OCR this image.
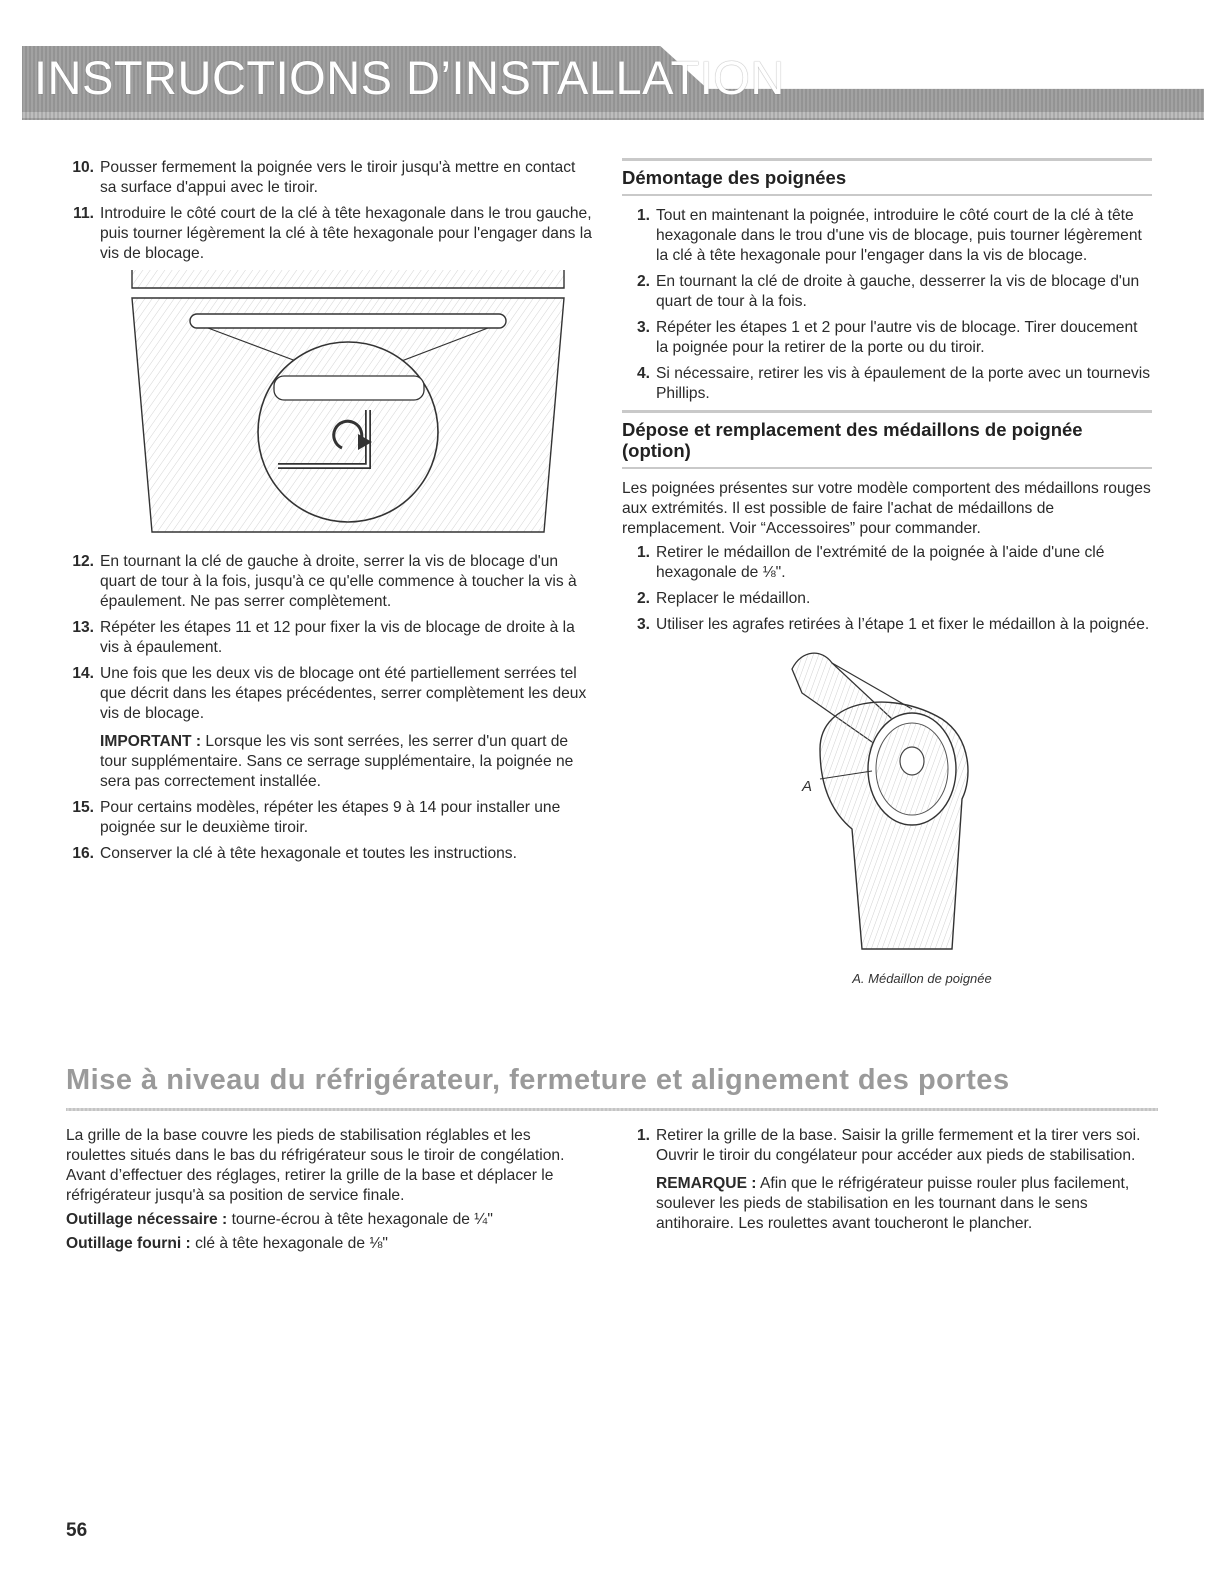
INSTRUCTIONS D’INSTALLATION
10. Pousser fermement la poignée vers le tiroir jusqu'à mettre en contact sa surface d'appui avec le tiroir.
11. Introduire le côté court de la clé à tête hexagonale dans le trou gauche, puis tourner légèrement la clé à tête hexagonale pour l'engager dans la vis de blocage.
12. En tournant la clé de gauche à droite, serrer la vis de blocage d'un quart de tour à la fois, jusqu'à ce qu'elle commence à toucher la vis à épaulement. Ne pas serrer complètement.
13. Répéter les étapes 11 et 12 pour fixer la vis de blocage de droite à la vis à épaulement.
14. Une fois que les deux vis de blocage ont été partiellement serrées tel que décrit dans les étapes précédentes, serrer complètement les deux vis de blocage.

IMPORTANT : Lorsque les vis sont serrées, les serrer d'un quart de tour supplémentaire. Sans ce serrage supplémentaire, la poignée ne sera pas correctement installée.

15. Pour certains modèles, répéter les étapes 9 à 14 pour installer une poignée sur le deuxième tiroir.
16. Conserver la clé à tête hexagonale et toutes les instructions.
Démontage des poignées
1. Tout en maintenant la poignée, introduire le côté court de la clé à tête hexagonale dans le trou d'une vis de blocage, puis tourner légèrement la clé à tête hexagonale pour l'engager dans la vis de blocage.
2. En tournant la clé de droite à gauche, desserrer la vis de blocage d'un quart de tour à la fois.
3. Répéter les étapes 1 et 2 pour l'autre vis de blocage. Tirer doucement la poignée pour la retirer de la porte ou du tiroir.
4. Si nécessaire, retirer les vis à épaulement de la porte avec un tournevis Phillips.
Dépose et remplacement des médaillons de poignée (option)

Les poignées présentes sur votre modèle comportent des médaillons rouges aux extrémités. Il est possible de faire l'achat de médaillons de remplacement. Voir “Accessoires” pour commander.

1. Retirer le médaillon de l'extrémité de la poignée à l'aide d'une clé hexagonale de ⅛".
2. Replacer le médaillon.
3. Utiliser les agrafes retirées à l’étape 1 et fixer le médaillon à la poignée.
A
A. Médaillon de poignée
Mise à niveau du réfrigérateur, fermeture et alignement des portes

La grille de la base couvre les pieds de stabilisation réglables et les roulettes situés dans le bas du réfrigérateur sous le tiroir de congélation. Avant d’effectuer des réglages, retirer la grille de la base et déplacer le réfrigérateur jusqu'à sa position de service finale.

Outillage nécessaire : tourne-écrou à tête hexagonale de ¼"

Outillage fourni : clé à tête hexagonale de ⅛"

1. Retirer la grille de la base. Saisir la grille fermement et la tirer vers soi. Ouvrir le tiroir du congélateur pour accéder aux pieds de stabilisation.

REMARQUE : Afin que le réfrigérateur puisse rouler plus facilement, soulever les pieds de stabilisation en les tournant dans le sens antihoraire. Les roulettes avant toucheront le plancher.

56
